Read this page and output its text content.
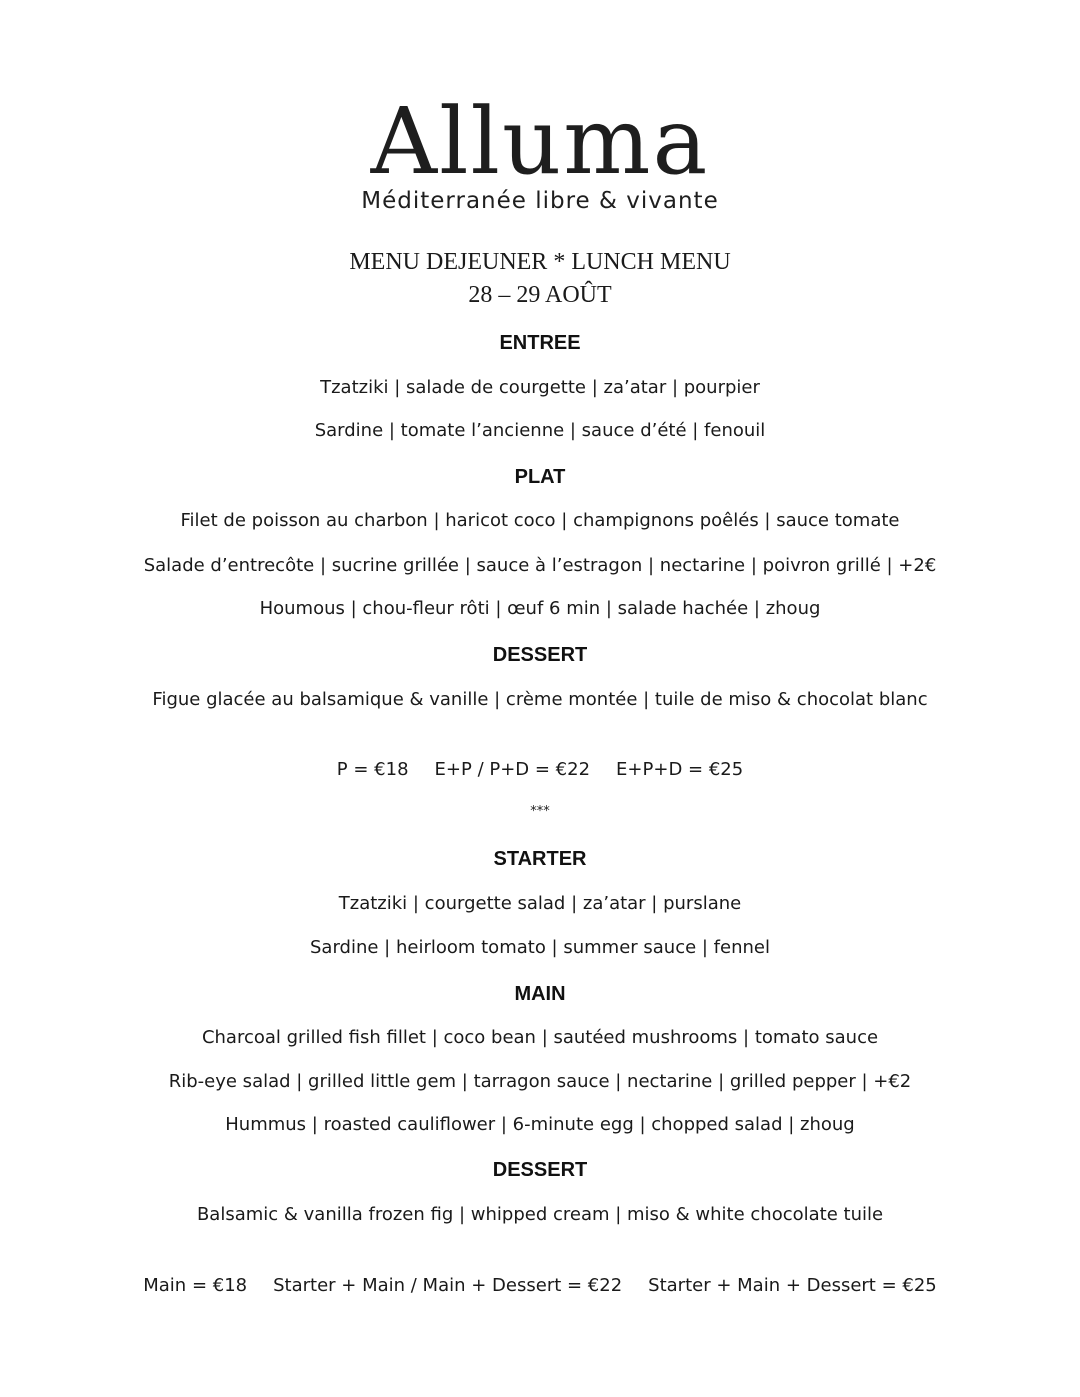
Alluma
Méditerranée libre & vivante
MENU DEJEUNER * LUNCH MENU
28 – 29 AOÛT
ENTREE
Tzatziki | salade de courgette | za’atar | pourpier
Sardine | tomate l’ancienne | sauce d’été | fenouil
PLAT
Filet de poisson au charbon | haricot coco | champignons poêlés | sauce tomate
Salade d’entrecôte | sucrine grillée | sauce à l’estragon | nectarine | poivron grillé | +2€
Houmous | chou-fleur rôti | œuf 6 min | salade hachée | zhoug
DESSERT
Figue glacée au balsamique & vanille | crème montée | tuile de miso & chocolat blanc
P = €18 E+P / P+D = €22 E+P+D = €25
***
STARTER
Tzatziki | courgette salad | za’atar | purslane
Sardine | heirloom tomato | summer sauce | fennel
MAIN
Charcoal grilled fish fillet | coco bean | sautéed mushrooms | tomato sauce
Rib-eye salad | grilled little gem | tarragon sauce | nectarine | grilled pepper | +€2
Hummus | roasted cauliflower | 6-minute egg | chopped salad | zhoug
DESSERT
Balsamic & vanilla frozen fig | whipped cream | miso & white chocolate tuile
Main = €18 Starter + Main / Main + Dessert = €22 Starter + Main + Dessert = €25
